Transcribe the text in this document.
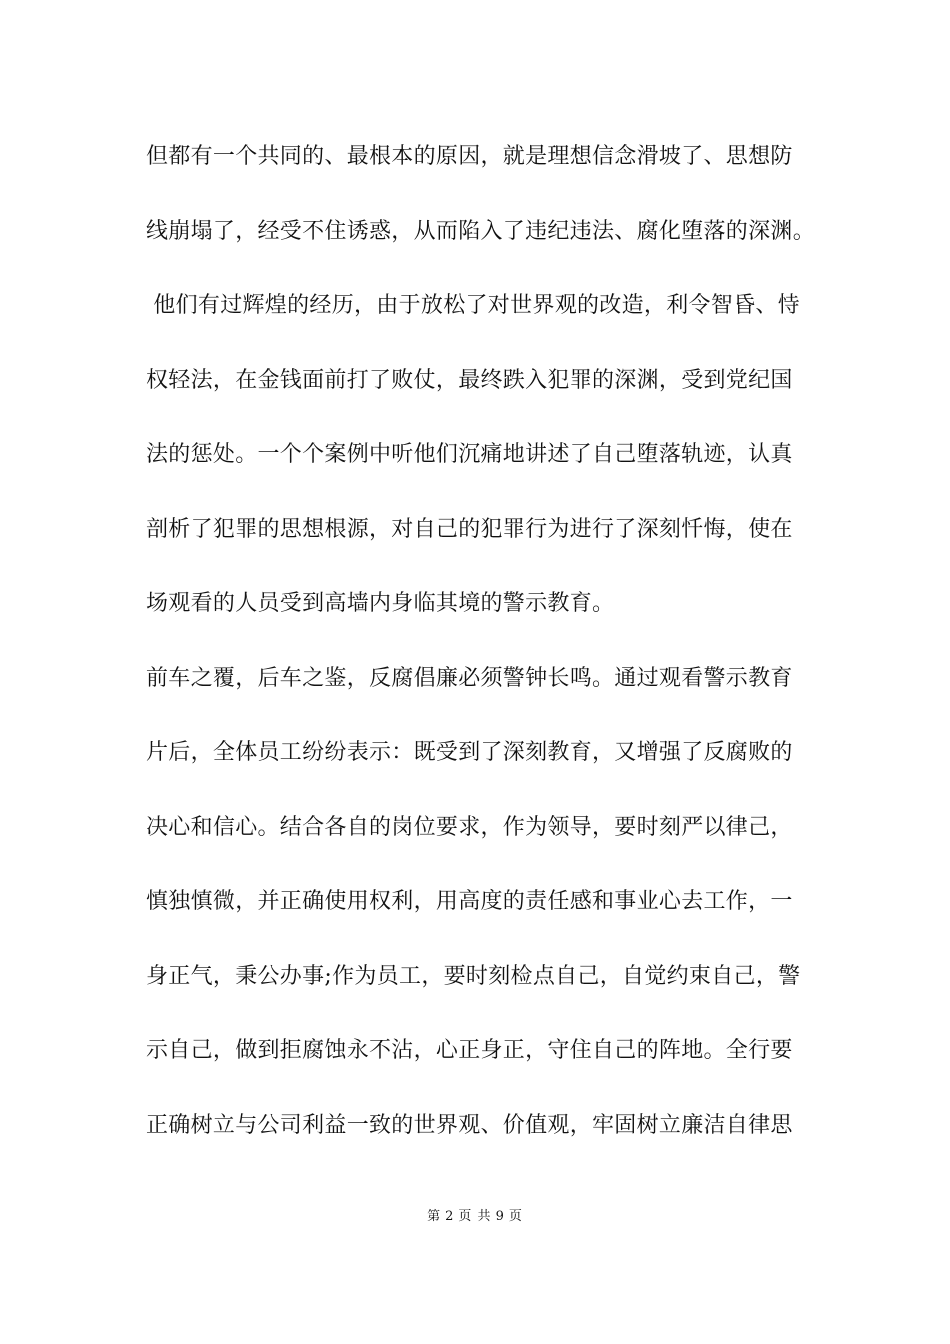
但都有一个共同的、最根本的原因，就是理想信念滑坡了、思想防
线崩塌了，经受不住诱惑，从而陷入了违纪违法、腐化堕落的深渊。
他们有过辉煌的经历，由于放松了对世界观的改造，利令智昏、恃
权轻法，在金钱面前打了败仗，最终跌入犯罪的深渊，受到党纪国
法的惩处。一个个案例中听他们沉痛地讲述了自己堕落轨迹，认真
剖析了犯罪的思想根源，对自己的犯罪行为进行了深刻忏悔，使在
场观看的人员受到高墙内身临其境的警示教育。
前车之覆，后车之鉴，反腐倡廉必须警钟长鸣。通过观看警示教育
片后，全体员工纷纷表示：既受到了深刻教育，又增强了反腐败的
决心和信心。结合各自的岗位要求，作为领导，要时刻严以律己，
慎独慎微，并正确使用权利，用高度的责任感和事业心去工作，一
身正气，秉公办事;作为员工，要时刻检点自己，自觉约束自己，警
示自己，做到拒腐蚀永不沾，心正身正，守住自己的阵地。全行要
正确树立与公司利益一致的世界观、价值观，牢固树立廉洁自律思
第 2 页 共 9 页
